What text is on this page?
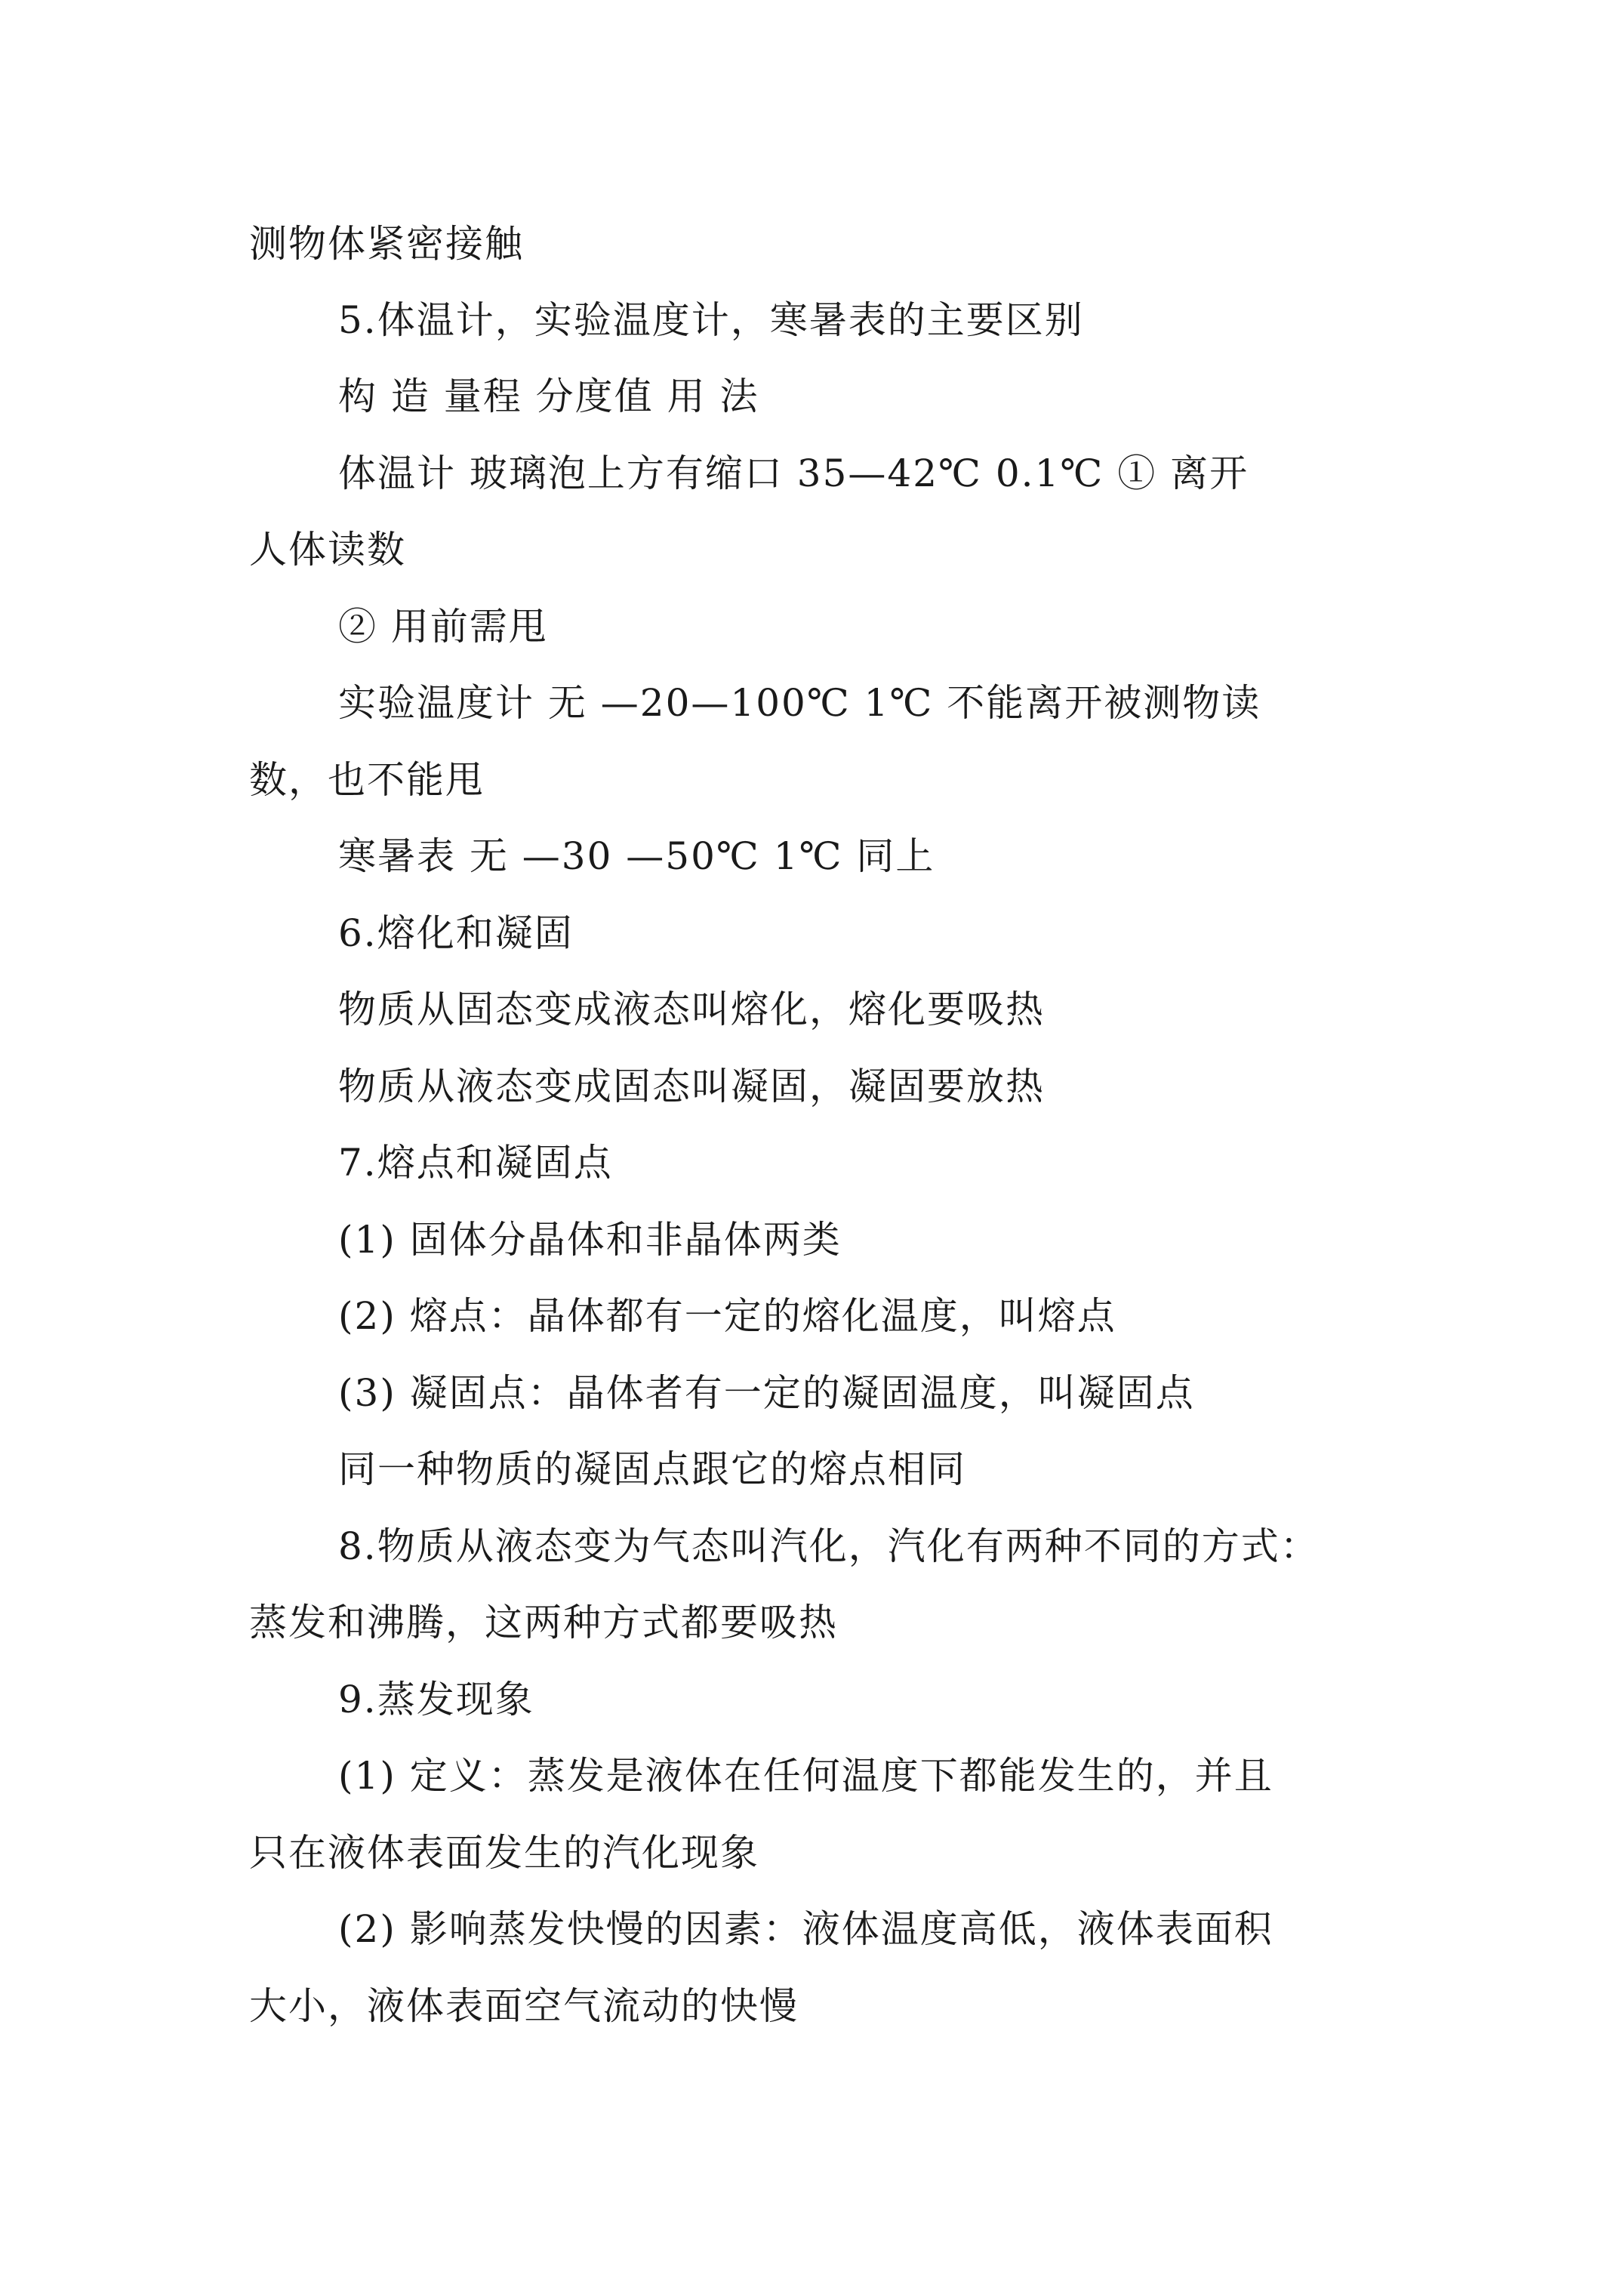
测物体紧密接触
5.体温计，实验温度计，寒暑表的主要区别
构 造 量程 分度值 用 法
体温计 玻璃泡上方有缩口 35—42℃ 0.1℃ ① 离开
人体读数
② 用前需甩
实验温度计 无 —20—100℃ 1℃ 不能离开被测物读
数，也不能甩
寒暑表 无 —30 —50℃ 1℃ 同上
6.熔化和凝固
物质从固态变成液态叫熔化，熔化要吸热
物质从液态变成固态叫凝固，凝固要放热
7.熔点和凝固点
(1) 固体分晶体和非晶体两类
(2) 熔点：晶体都有一定的熔化温度，叫熔点
(3) 凝固点：晶体者有一定的凝固温度，叫凝固点
同一种物质的凝固点跟它的熔点相同
8.物质从液态变为气态叫汽化，汽化有两种不同的方式：
蒸发和沸腾，这两种方式都要吸热
9.蒸发现象
(1) 定义：蒸发是液体在任何温度下都能发生的，并且
只在液体表面发生的汽化现象
(2) 影响蒸发快慢的因素：液体温度高低，液体表面积
大小，液体表面空气流动的快慢
